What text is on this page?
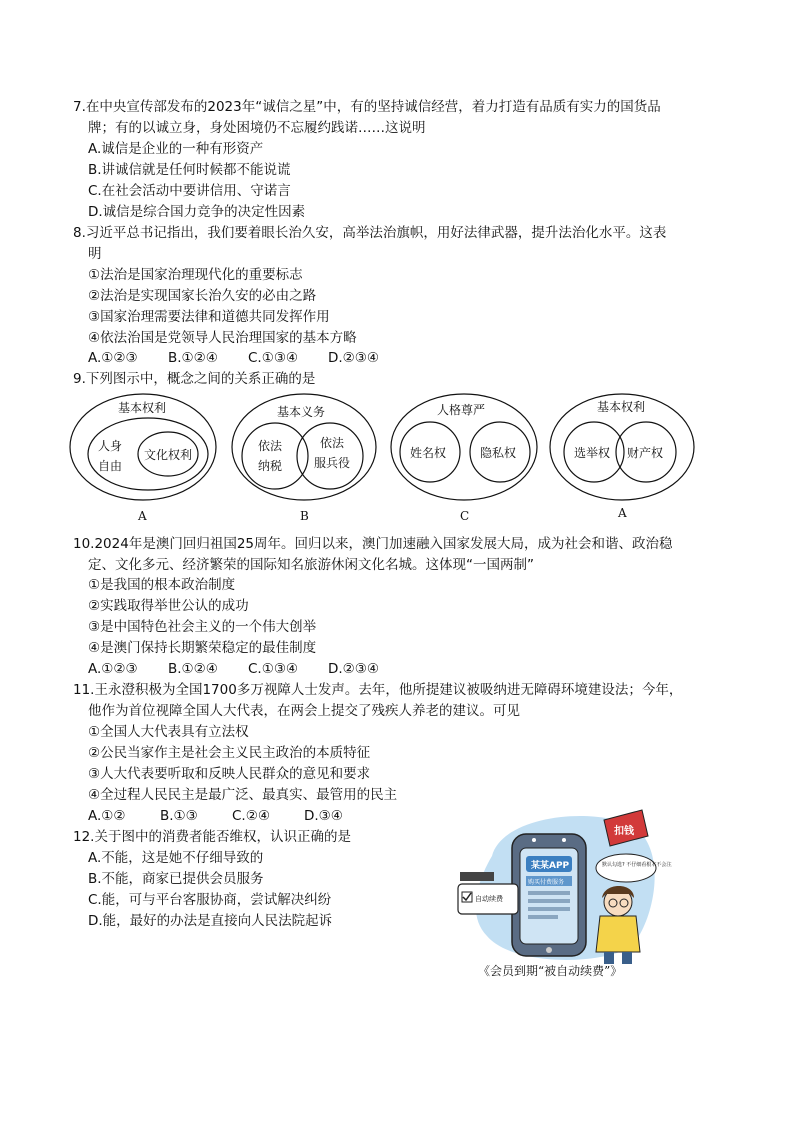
7.在中央宣传部发布的2023年“诚信之星”中，有的坚持诚信经营，着力打造有品质有实力的国货品
牌；有的以诚立身，身处困境仍不忘履约践诺……这说明
A.诚信是企业的一种有形资产
B.讲诚信就是任何时候都不能说谎
C.在社会活动中要讲信用、守诺言
D.诚信是综合国力竞争的决定性因素
8.习近平总书记指出，我们要着眼长治久安，高举法治旗帜，用好法律武器，提升法治化水平。这表
明
①法治是国家治理现代化的重要标志
②法治是实现国家长治久安的必由之路
③国家治理需要法律和道德共同发挥作用
④依法治国是党领导人民治理国家的基本方略
A.①②③ B.①②④ C.①③④ D.②③④
9.下列图示中，概念之间的关系正确的是
基本权利
人身
自由
文化权利
A
基本义务
依法
纳税
依法
服兵役
B
人格尊严
姓名权	隐私权
C
基本权利
选举权 财产权
A
10.2024年是澳门回归祖国25周年。回归以来，澳门加速融入国家发展大局，成为社会和谐、政治稳
定、文化多元、经济繁荣的国际知名旅游休闲文化名城。这体现“一国两制”
①是我国的根本政治制度
②实践取得举世公认的成功
③是中国特色社会主义的一个伟大创举
④是澳门保持长期繁荣稳定的最佳制度
A.①②③ B.①②④ C.①③④ D.②③④
11.王永澄积极为全国1700多万视障人士发声。去年，他所提建议被吸纳进无障碍环境建设法；今年，
他作为首位视障全国人大代表，在两会上提交了残疾人养老的建议。可见
①全国人大代表具有立法权
②公民当家作主是社会主义民主政治的本质特征
③人大代表要听取和反映人民群众的意见和要求
④全过程人民民主是最广泛、最真实、最管用的民主
A.①②	B.①③	C.②④	D.③④
12.关于图中的消费者能否维权，认识正确的是
A.不能，这是她不仔细导致的
B.不能，商家已提供会员服务
C.能，可与平台客服协商，尝试解决纠纷
D.能，最好的办法是直接向人民法院起诉
某某APP
购买付费服务
自动续费
扣钱
默认勾选? 不仔细看根本不会注意
《会员到期“被自动续费”》
